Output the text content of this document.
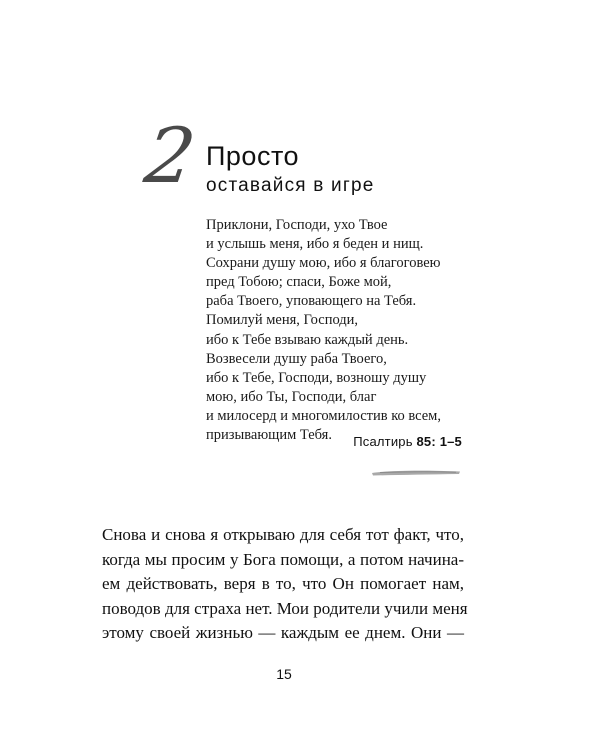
2 Просто
оставайся в игре
Приклони, Господи, ухо Твое
и услышь меня, ибо я беден и нищ.
Сохрани душу мою, ибо я благоговею
пред Тобою; спаси, Боже мой,
раба Твоего, уповающего на Тебя.
Помилуй меня, Господи,
ибо к Тебе взываю каждый день.
Возвесели душу раба Твоего,
ибо к Тебе, Господи, возношу душу
мою, ибо Ты, Господи, благ
и милосерд и многомилостив ко всем,
призывающим Тебя.	Псалтирь 85: 1–5
Снова и снова я открываю для себя тот факт, что,
когда мы просим у Бога помощи, а потом начина-
ем действовать, веря в то, что Он помогает нам,
поводов для страха нет. Мои родители учили меня
этому своей жизнью — каждым ее днем. Они —
15
